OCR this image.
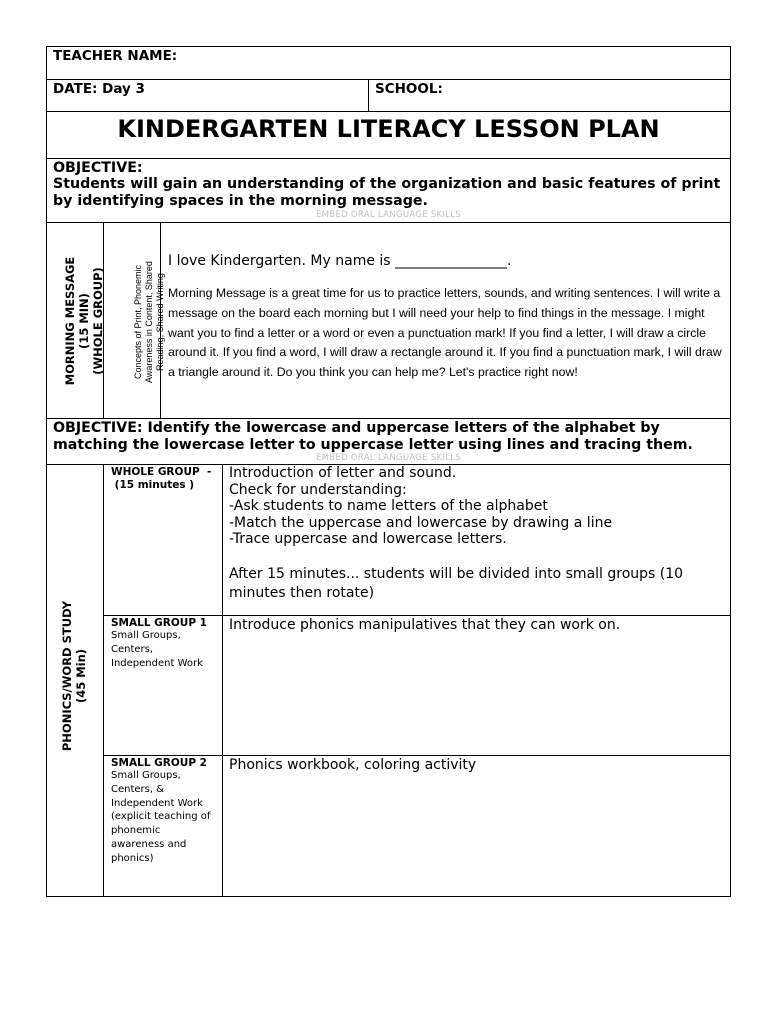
TEACHER NAME:
DATE: Day 3	SCHOOL:
KINDERGARTEN LITERACY LESSON PLAN
OBJECTIVE:
Students will gain an understanding of the organization and basic features of print by identifying spaces in the morning message.
EMBED ORAL LANGUAGE SKILLS
MORNING MESSAGE (15 MIN) (WHOLE GROUP)	Concepts of Print, Phonemic Awareness in Content, Shared Reading, Shared Writing
I love Kindergarten. My name is ________________.
Morning Message is a great time for us to practice letters, sounds, and writing sentences. I will write a message on the board each morning but I will need your help to find things in the message. I might want you to find a letter or a word or even a punctuation mark! If you find a letter, I will draw a circle around it. If you find a word, I will draw a rectangle around it. If you find a punctuation mark, I will draw a triangle around it. Do you think you can help me? Let's practice right now!
OBJECTIVE: Identify the lowercase and uppercase letters of the alphabet by matching the lowercase letter to uppercase letter using lines and tracing them.
EMBED ORAL LANGUAGE SKILLS
PHONICS/WORD STUDY (45 Min)
WHOLE GROUP  -
(15 minutes )
Introduction of letter and sound.
Check for understanding:
-Ask students to name letters of the alphabet
-Match the uppercase and lowercase by drawing a line
-Trace uppercase and lowercase letters.
After 15 minutes... students will be divided into small groups (10 minutes then rotate)
SMALL GROUP 1
Small Groups,
Centers,
Independent Work
Introduce phonics manipulatives that they can work on.
SMALL GROUP 2
Small Groups,
Centers, &
Independent Work
(explicit teaching of
phonemic
awareness and
phonics)
Phonics workbook, coloring activity
